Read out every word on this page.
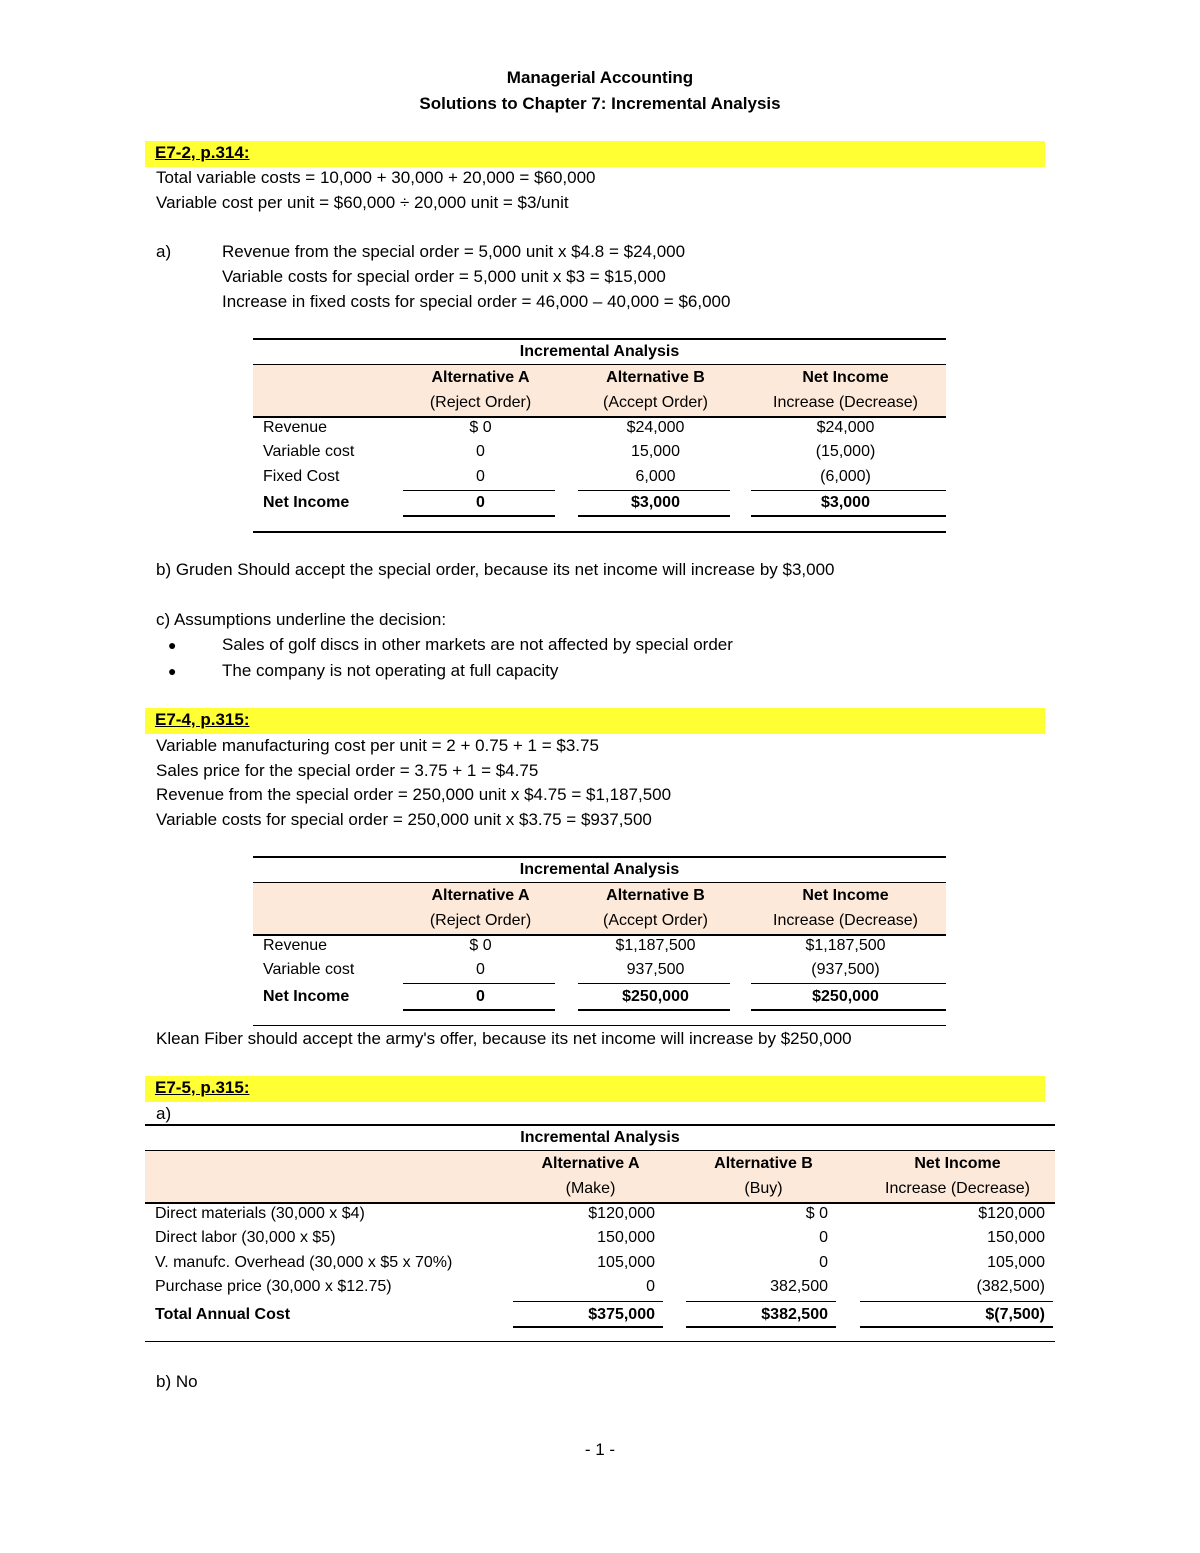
Managerial Accounting
Solutions to Chapter 7: Incremental Analysis
E7-2, p.314:
Total variable costs = 10,000 + 30,000 + 20,000 = $60,000
Variable cost per unit = $60,000 ÷ 20,000 unit = $3/unit
a)	Revenue from the special order = 5,000 unit x $4.8 = $24,000
Variable costs for special order = 5,000 unit x $3 = $15,000
Increase in fixed costs for special order = 46,000 – 40,000 = $6,000
Incremental Analysis
Alternative A	Alternative B	Net Income
(Reject Order)	(Accept Order)	Increase (Decrease)
Revenue	$ 0	$24,000	$24,000
Variable cost	0	15,000	(15,000)
Fixed Cost	0	6,000	(6,000)
Net Income	0	$3,000	$3,000
b) Gruden Should accept the special order, because its net income will increase by $3,000
c) Assumptions underline the decision:
●	Sales of golf discs in other markets are not affected by special order
●	The company is not operating at full capacity
E7-4, p.315:
Variable manufacturing cost per unit = 2 + 0.75 + 1 = $3.75
Sales price for the special order = 3.75 + 1 = $4.75
Revenue from the special order = 250,000 unit x $4.75 = $1,187,500
Variable costs for special order = 250,000 unit x $3.75 = $937,500
Incremental Analysis
Alternative A	Alternative B	Net Income
(Reject Order)	(Accept Order)	Increase (Decrease)
Revenue	$ 0	$1,187,500	$1,187,500
Variable cost	0	937,500	(937,500)
Net Income	0	$250,000	$250,000
Klean Fiber should accept the army's offer, because its net income will increase by $250,000
E7-5, p.315:
a)
Incremental Analysis
Alternative A	Alternative B	Net Income
(Make)	(Buy)	Increase (Decrease)
Direct materials (30,000 x $4)	$120,000	$ 0	$120,000
Direct labor (30,000 x $5)	150,000	0	150,000
V. manufc. Overhead (30,000 x $5 x 70%)	105,000	0	105,000
Purchase price (30,000 x $12.75)	0	382,500	(382,500)
Total Annual Cost	$375,000	$382,500	$(7,500)
b) No
- 1 -
